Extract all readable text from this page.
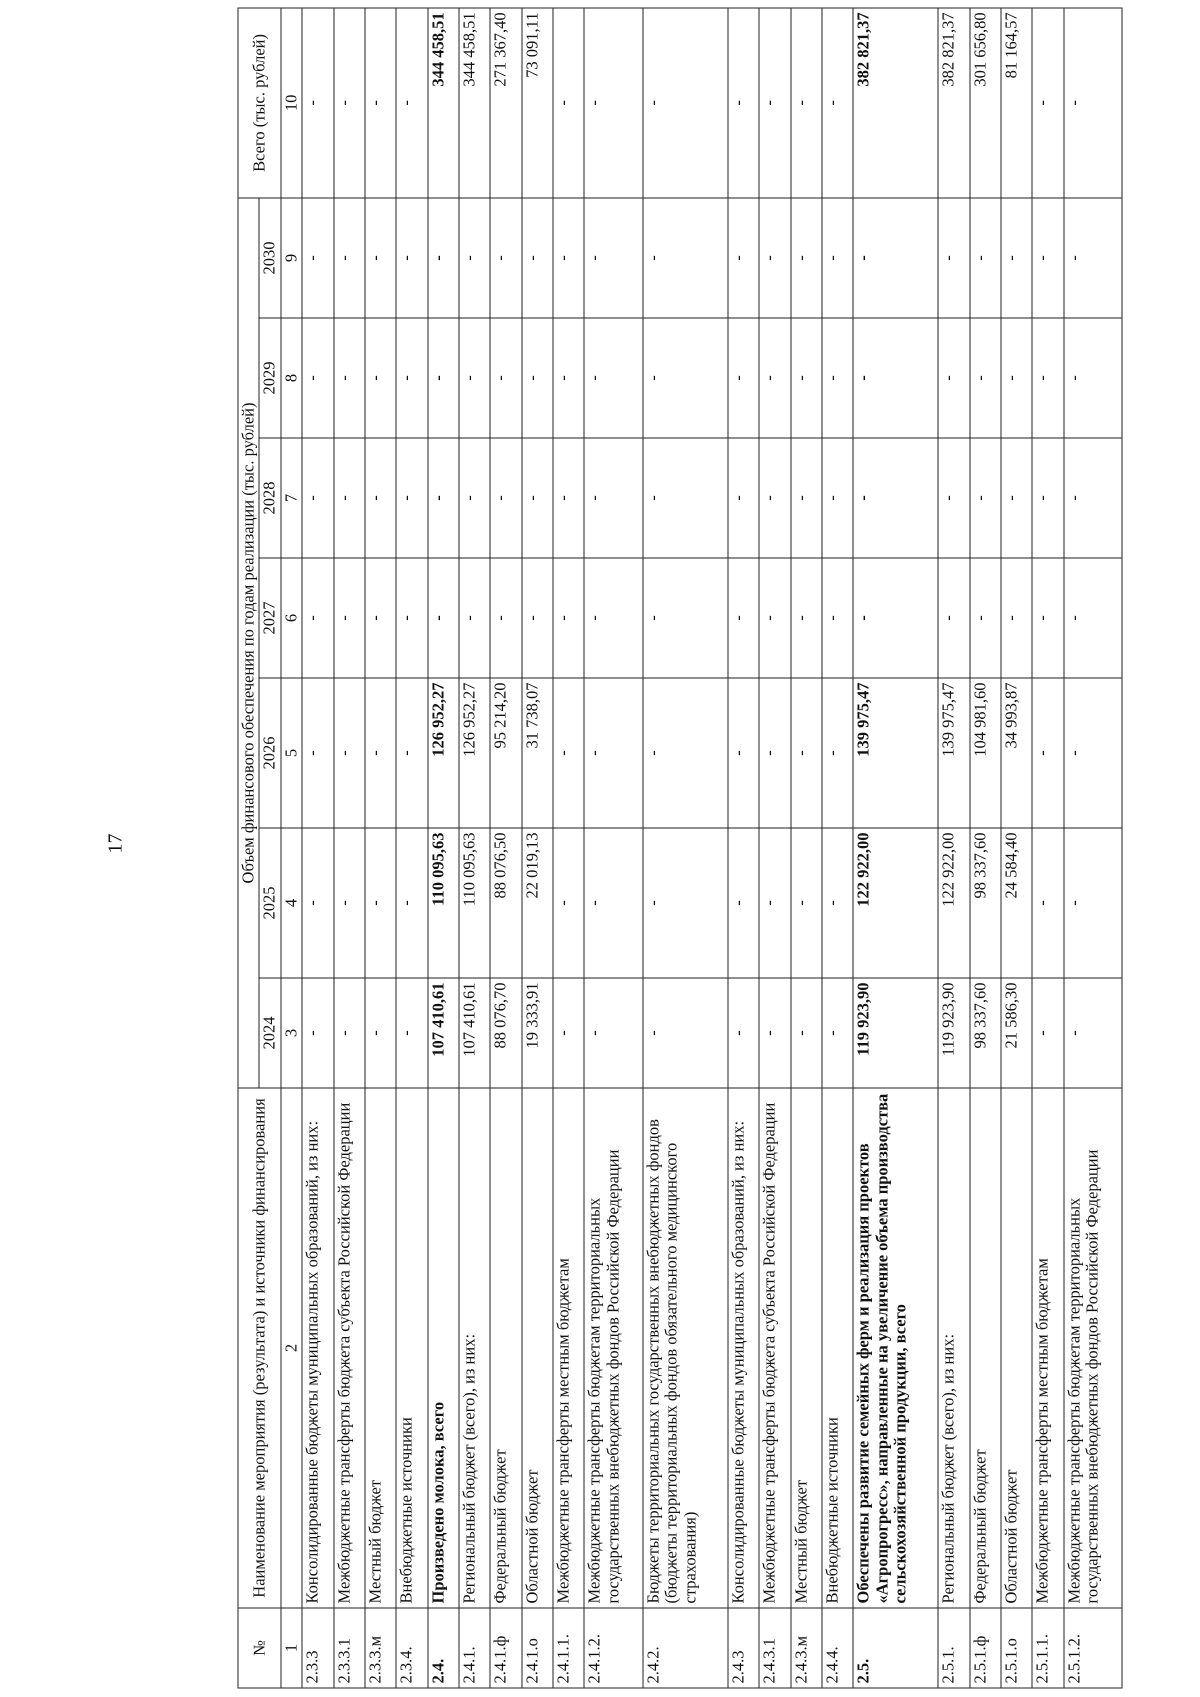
17
№	Наименование мероприятия (результата) и источники финансирования	Объем финансового обеспечения по годам реализации (тыс. рублей)							Всего (тыс. рублей)
		2024	2025	2026	2027	2028	2029	2030	
1	2	3	4	5	6	7	8	9	10
2.3.3	Консолидированные бюджеты муниципальных образований, из них:	-	-	-	-	-	-	-	-
2.3.3.1	Межбюджетные трансферты бюджета субъекта Российской Федерации	-	-	-	-	-	-	-	-
2.3.3.м	Местный бюджет	-	-	-	-	-	-	-	-
2.3.4.	Внебюджетные источники	-	-	-	-	-	-	-	-
2.4.	Произведено молока, всего	107 410,61	110 095,63	126 952,27	-	-	-	-	344 458,51
2.4.1.	Региональный бюджет (всего), из них:	107 410,61	110 095,63	126 952,27	-	-	-	-	344 458,51
2.4.1.ф	Федеральный бюджет	88 076,70	88 076,50	95 214,20	-	-	-	-	271 367,40
2.4.1.о	Областной бюджет	19 333,91	22 019,13	31 738,07	-	-	-	-	73 091,11
2.4.1.1.	Межбюджетные трансферты местным бюджетам	-	-	-	-	-	-	-	-
2.4.1.2.	Межбюджетные трансферты бюджетам территориальных государственных внебюджетных фондов Российской Федерации	-	-	-	-	-	-	-	-
2.4.2.	Бюджеты территориальных государственных внебюджетных фондов (бюджеты территориальных фондов обязательного медицинского страхования)	-	-	-	-	-	-	-	-
2.4.3	Консолидированные бюджеты муниципальных образований, из них:	-	-	-	-	-	-	-	-
2.4.3.1	Межбюджетные трансферты бюджета субъекта Российской Федерации	-	-	-	-	-	-	-	-
2.4.3.м	Местный бюджет	-	-	-	-	-	-	-	-
2.4.4.	Внебюджетные источники	-	-	-	-	-	-	-	-
2.5.	Обеспечены развитие семейных ферм и реализация проектов «Агропрогресс», направленные на увеличение объема производства сельскохозяйственной продукции, всего	119 923,90	122 922,00	139 975,47	-	-	-	-	382 821,37
2.5.1.	Региональный бюджет (всего), из них:	119 923,90	122 922,00	139 975,47	-	-	-	-	382 821,37
2.5.1.ф	Федеральный бюджет	98 337,60	98 337,60	104 981,60	-	-	-	-	301 656,80
2.5.1.о	Областной бюджет	21 586,30	24 584,40	34 993,87	-	-	-	-	81 164,57
2.5.1.1.	Межбюджетные трансферты местным бюджетам	-	-	-	-	-	-	-	-
2.5.1.2.	Межбюджетные трансферты бюджетам территориальных государственных внебюджетных фондов Российской Федерации	-	-	-	-	-	-	-	-
